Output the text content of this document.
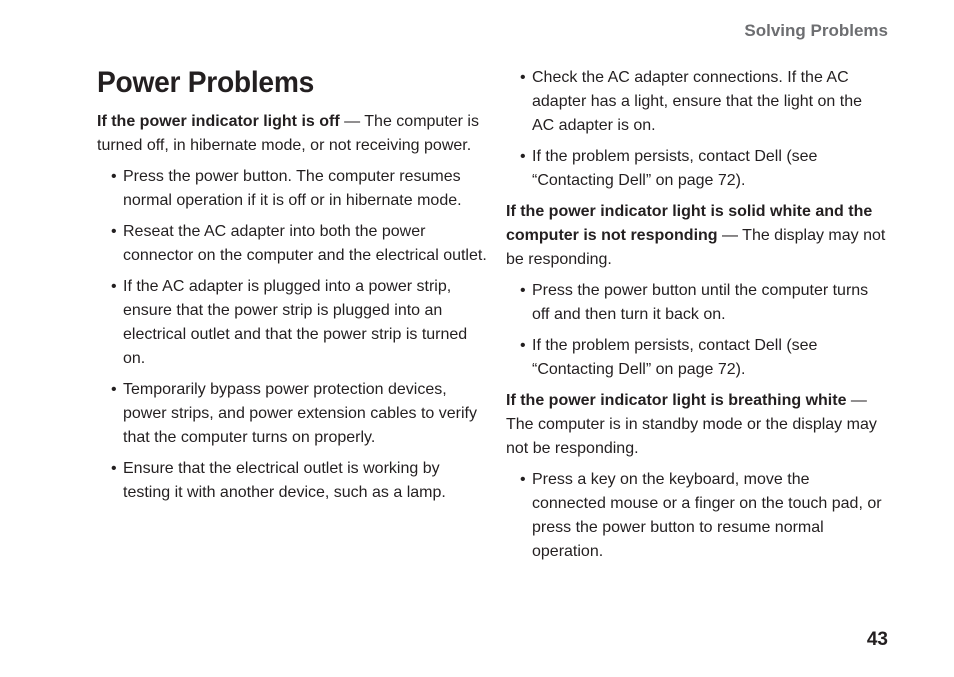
Solving Problems
Power Problems

If the power indicator light is off — The computer is turned off, in hibernate mode, or not receiving power.

• Press the power button. The computer resumes normal operation if it is off or in hibernate mode.
• Reseat the AC adapter into both the power connector on the computer and the electrical outlet.
• If the AC adapter is plugged into a power strip, ensure that the power strip is plugged into an electrical outlet and that the power strip is turned on.
• Temporarily bypass power protection devices, power strips, and power extension cables to verify that the computer turns on properly.
• Ensure that the electrical outlet is working by testing it with another device, such as a lamp.
• Check the AC adapter connections. If the AC adapter has a light, ensure that the light on the AC adapter is on.
• If the problem persists, contact Dell (see “Contacting Dell” on page 72).

If the power indicator light is solid white and the computer is not responding — The display may not be responding.

• Press the power button until the computer turns off and then turn it back on.
• If the problem persists, contact Dell (see “Contacting Dell” on page 72).

If the power indicator light is breathing white — The computer is in standby mode or the display may not be responding.

• Press a key on the keyboard, move the connected mouse or a finger on the touch pad, or press the power button to resume normal operation.
43
